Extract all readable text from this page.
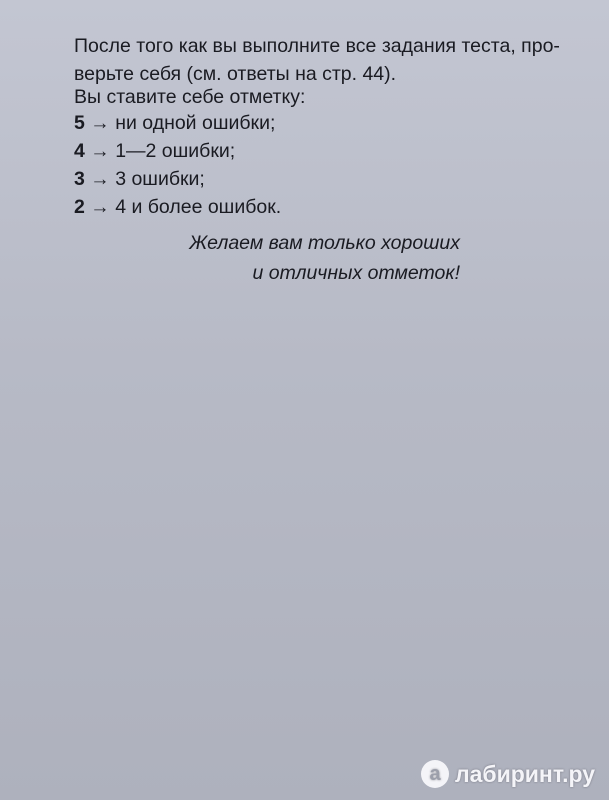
После того как вы выполните все задания теста, про-
верьте себя (см. ответы на стр. 44).
Вы ставите себе отметку:
5 → ни одной ошибки;
4 → 1—2 ошибки;
3 → 3 ошибки;
2 → 4 и более ошибок.
Желаем вам только хороших
и отличных отметок!
a лабиринт.ру
